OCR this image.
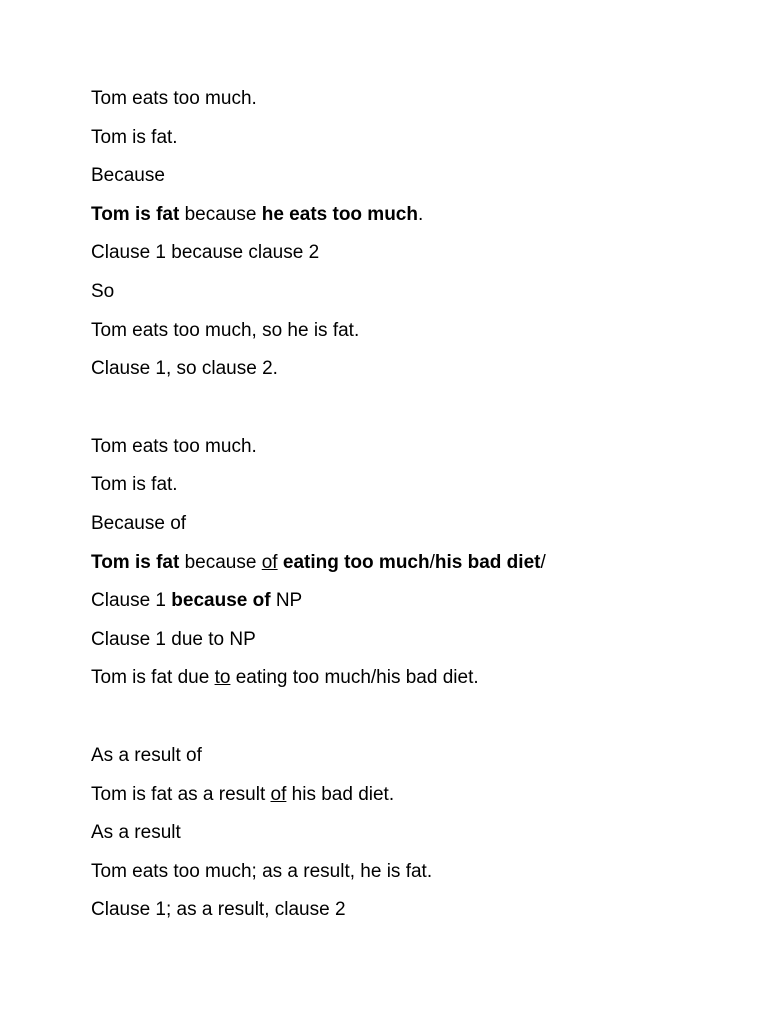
Tom eats too much.
Tom is fat.
Because
Tom is fat because he eats too much.
Clause 1 because clause 2
So
Tom eats too much, so he is fat.
Clause 1, so clause 2.
Tom eats too much.
Tom is fat.
Because of
Tom is fat because of eating too much/his bad diet/
Clause 1 because of NP
Clause 1 due to NP
Tom is fat due to eating too much/his bad diet.
As a result of
Tom is fat as a result of his bad diet.
As a result
Tom eats too much; as a result, he is fat.
Clause 1; as a result, clause 2
